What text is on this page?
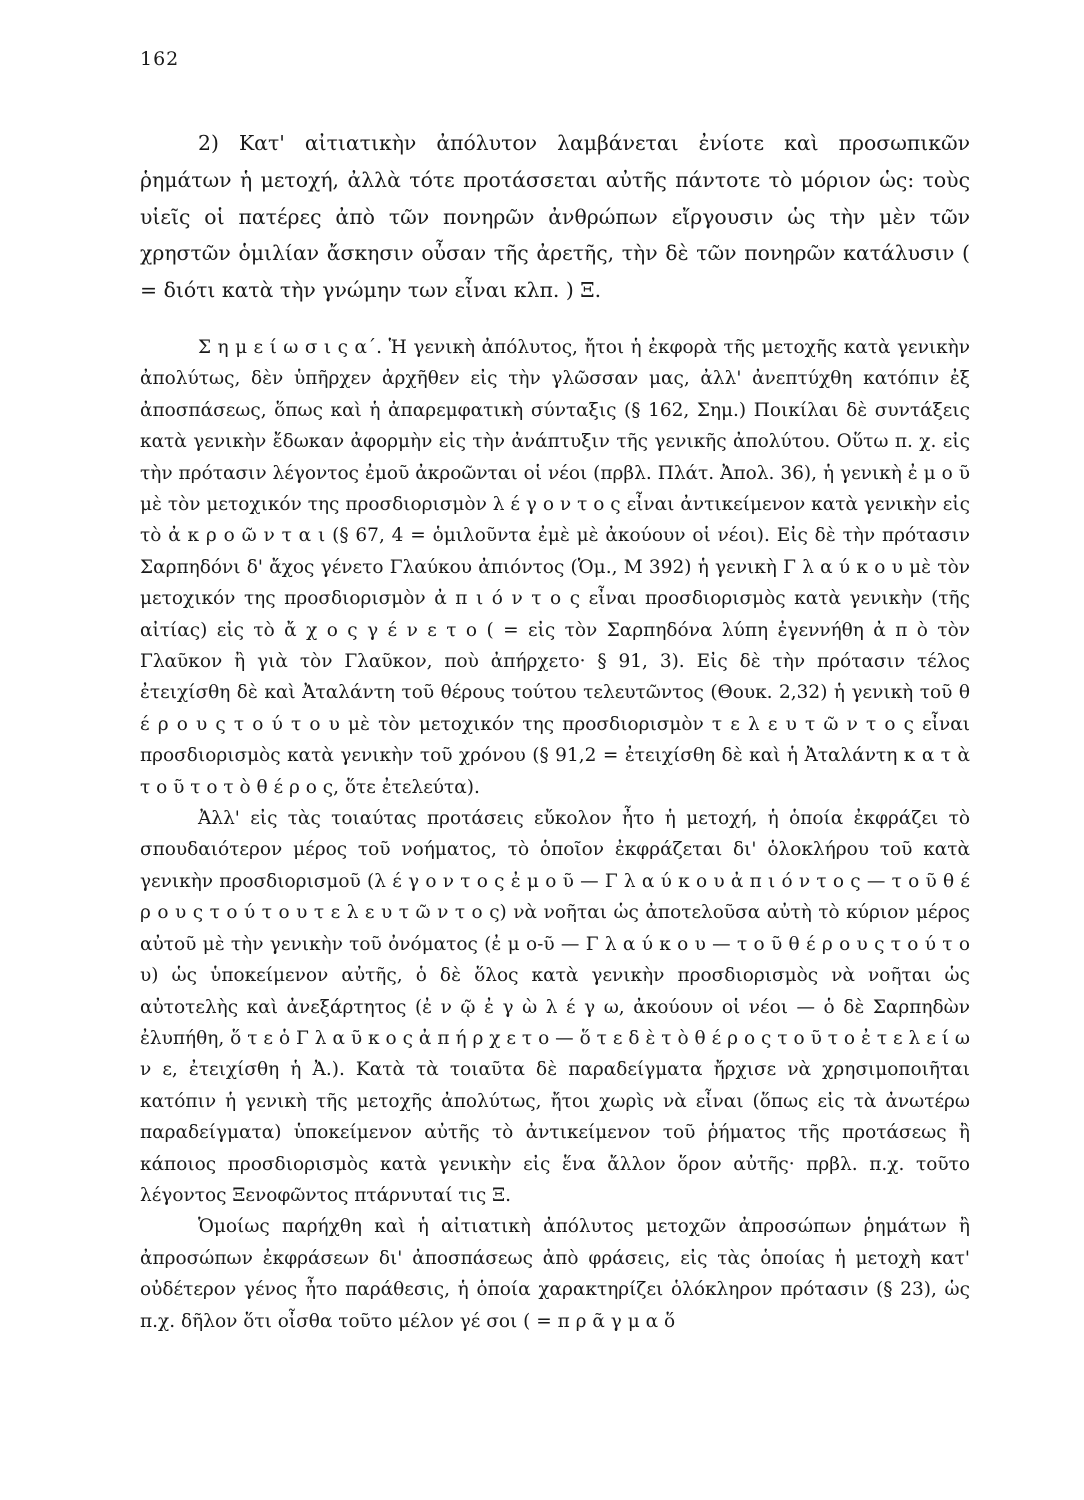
162

2) Κατ' αἰτιατικὴν ἀπόλυτον λαμβάνεται ἐνίοτε καὶ προσωπικῶν ῥημάτων ἡ μετοχή, ἀλλὰ τότε προτάσσεται αὐτῆς πάντοτε τὸ μόριον ὡς: τοὺς υἱεῖς οἱ πατέρες ἀπὸ τῶν πονηρῶν ἀνθρώπων εἴργουσιν ὡς τὴν μὲν τῶν χρηστῶν ὁμιλίαν ἄσκησιν οὖσαν τῆς ἀρετῆς, τὴν δὲ τῶν πονηρῶν κατάλυσιν ( = διότι κατὰ τὴν γνώμην των εἶναι κλπ. ) Ξ.

Σ η μ ε ί ω σ ι ς α΄. Ἡ γενικὴ ἀπόλυτος, ἤτοι ἡ ἐκφορὰ τῆς μετοχῆς κατὰ γενικὴν ἀπολύτως, δὲν ὑπῆρχεν ἀρχῆθεν εἰς τὴν γλῶσσαν μας, ἀλλ' ἀνεπτύχθη κατόπιν ἐξ ἀποσπάσεως, ὅπως καὶ ἡ ἀπαρεμφατικὴ σύνταξις (§ 162, Σημ.) Ποικίλαι δὲ συντάξεις κατὰ γενικὴν ἔδωκαν ἀφορμὴν εἰς τὴν ἀνάπτυξιν τῆς γενικῆς ἀπολύτου. Οὕτω π. χ. εἰς τὴν πρότασιν λέγοντος ἐμοῦ ἀκροῶνται οἱ νέοι (πρβλ. Πλάτ. Ἀπολ. 36), ἡ γενικὴ ἐ μ ο ῦ μὲ τὸν μετοχικόν της προσδιορισμὸν λ έ γ ο ν τ ο ς εἶναι ἀντικείμενον κατὰ γενικὴν εἰς τὸ ἀ κ ρ ο ῶ ν τ α ι (§ 67, 4 = ὁμιλοῦντα ἐμὲ μὲ ἀκούουν οἱ νέοι). Εἰς δὲ τὴν πρότασιν Σαρπηδόνι δ' ἄχος γένετο Γλαύκου ἀπιόντος (Ὁμ., Μ 392) ἡ γενικὴ Γ λ α ύ κ ο υ μὲ τὸν μετοχικόν της προσδιορισμὸν ἀ π ι ό ν τ ο ς εἶναι προσδιορισμὸς κατὰ γενικὴν (τῆς αἰτίας) εἰς τὸ ἄ χ ο ς γ έ ν ε τ ο ( = εἰς τὸν Σαρπηδόνα λύπη ἐγεννήθη ἀ π ὸ τὸν Γλαῦκον ἢ γιὰ τὸν Γλαῦκον, ποὺ ἀπήρχετο· § 91, 3). Εἰς δὲ τὴν πρότασιν τέλος ἐτειχίσθη δὲ καὶ Ἀταλάντη τοῦ θέρους τούτου τελευτῶντος (Θουκ. 2,32) ἡ γενικὴ τοῦ θ έ ρ ο υ ς τ ο ύ τ ο υ μὲ τὸν μετοχικόν της προσδιορισμὸν τ ε λ ε υ τ ῶ ν τ ο ς εἶναι προσδιορισμὸς κατὰ γενικὴν τοῦ χρόνου (§ 91,2 = ἐτειχίσθη δὲ καὶ ἡ Ἀταλάντη κ α τ ὰ τ ο ῦ τ ο τ ὸ θ έ ρ ο ς, ὅτε ἐτελεύτα).

Ἀλλ' εἰς τὰς τοιαύτας προτάσεις εὔκολον ἦτο ἡ μετοχή, ἡ ὁποία ἐκφράζει τὸ σπουδαιότερον μέρος τοῦ νοήματος, τὸ ὁποῖον ἐκφράζεται δι' ὁλοκλήρου τοῦ κατὰ γενικὴν προσδιορισμοῦ (λ έ γ ο ν τ ο ς ἐ μ ο ῦ — Γ λ α ύ κ ο υ ἀ π ι ό ν τ ο ς — τ ο ῦ θ έ ρ ο υ ς τ ο ύ τ ο υ τ ε λ ε υ τ ῶ ν τ ο ς) νὰ νοῆται ὡς ἀποτελοῦσα αὐτὴ τὸ κύριον μέρος αὐτοῦ μὲ τὴν γενικὴν τοῦ ὀνόματος (ἐ μ ο-ῦ — Γ λ α ύ κ ο υ — τ ο ῦ θ έ ρ ο υ ς τ ο ύ τ ο υ) ὡς ὑποκείμενον αὐτῆς, ὁ δὲ ὅλος κατὰ γενικὴν προσδιορισμὸς νὰ νοῆται ὡς αὐτοτελὴς καὶ ἀνεξάρτητος (ἐ ν ῷ ἐ γ ὼ λ έ γ ω, ἀκούουν οἱ νέοι — ὁ δὲ Σαρπηδὼν ἐλυπήθη, ὅ τ ε ὁ Γ λ α ῦ κ ο ς ἀ π ή ρ χ ε τ ο — ὅ τ ε δ ὲ τ ὸ θ έ ρ ο ς τ ο ῦ τ ο ἐ τ ε λ ε ί ω ν ε, ἐτειχίσθη ἡ Ἀ.). Κατὰ τὰ τοιαῦτα δὲ παραδείγματα ἤρχισε νὰ χρησιμοποιῆται κατόπιν ἡ γενικὴ τῆς μετοχῆς ἀπολύτως, ἤτοι χωρὶς νὰ εἶναι (ὅπως εἰς τὰ ἀνωτέρω παραδείγματα) ὑποκείμενον αὐτῆς τὸ ἀντικείμενον τοῦ ῥήματος τῆς προτάσεως ἢ κάποιος προσδιορισμὸς κατὰ γενικὴν εἰς ἕνα ἄλλον ὅρον αὐτῆς· πρβλ. π.χ. τοῦτο λέγοντος Ξενοφῶντος πτάρνυταί τις Ξ.

Ὁμοίως παρήχθη καὶ ἡ αἰτιατικὴ ἀπόλυτος μετοχῶν ἀπροσώπων ῥημάτων ἢ ἀπροσώπων ἐκφράσεων δι' ἀποσπάσεως ἀπὸ φράσεις, εἰς τὰς ὁποίας ἡ μετοχὴ κατ' οὐδέτερον γένος ἦτο παράθεσις, ἡ ὁποία χαρακτηρίζει ὁλόκληρον πρότασιν (§ 23), ὡς π.χ. δῆλον ὅτι οἶσθα τοῦτο μέλον γέ σοι ( = π ρ ᾶ γ μ α ὅ
